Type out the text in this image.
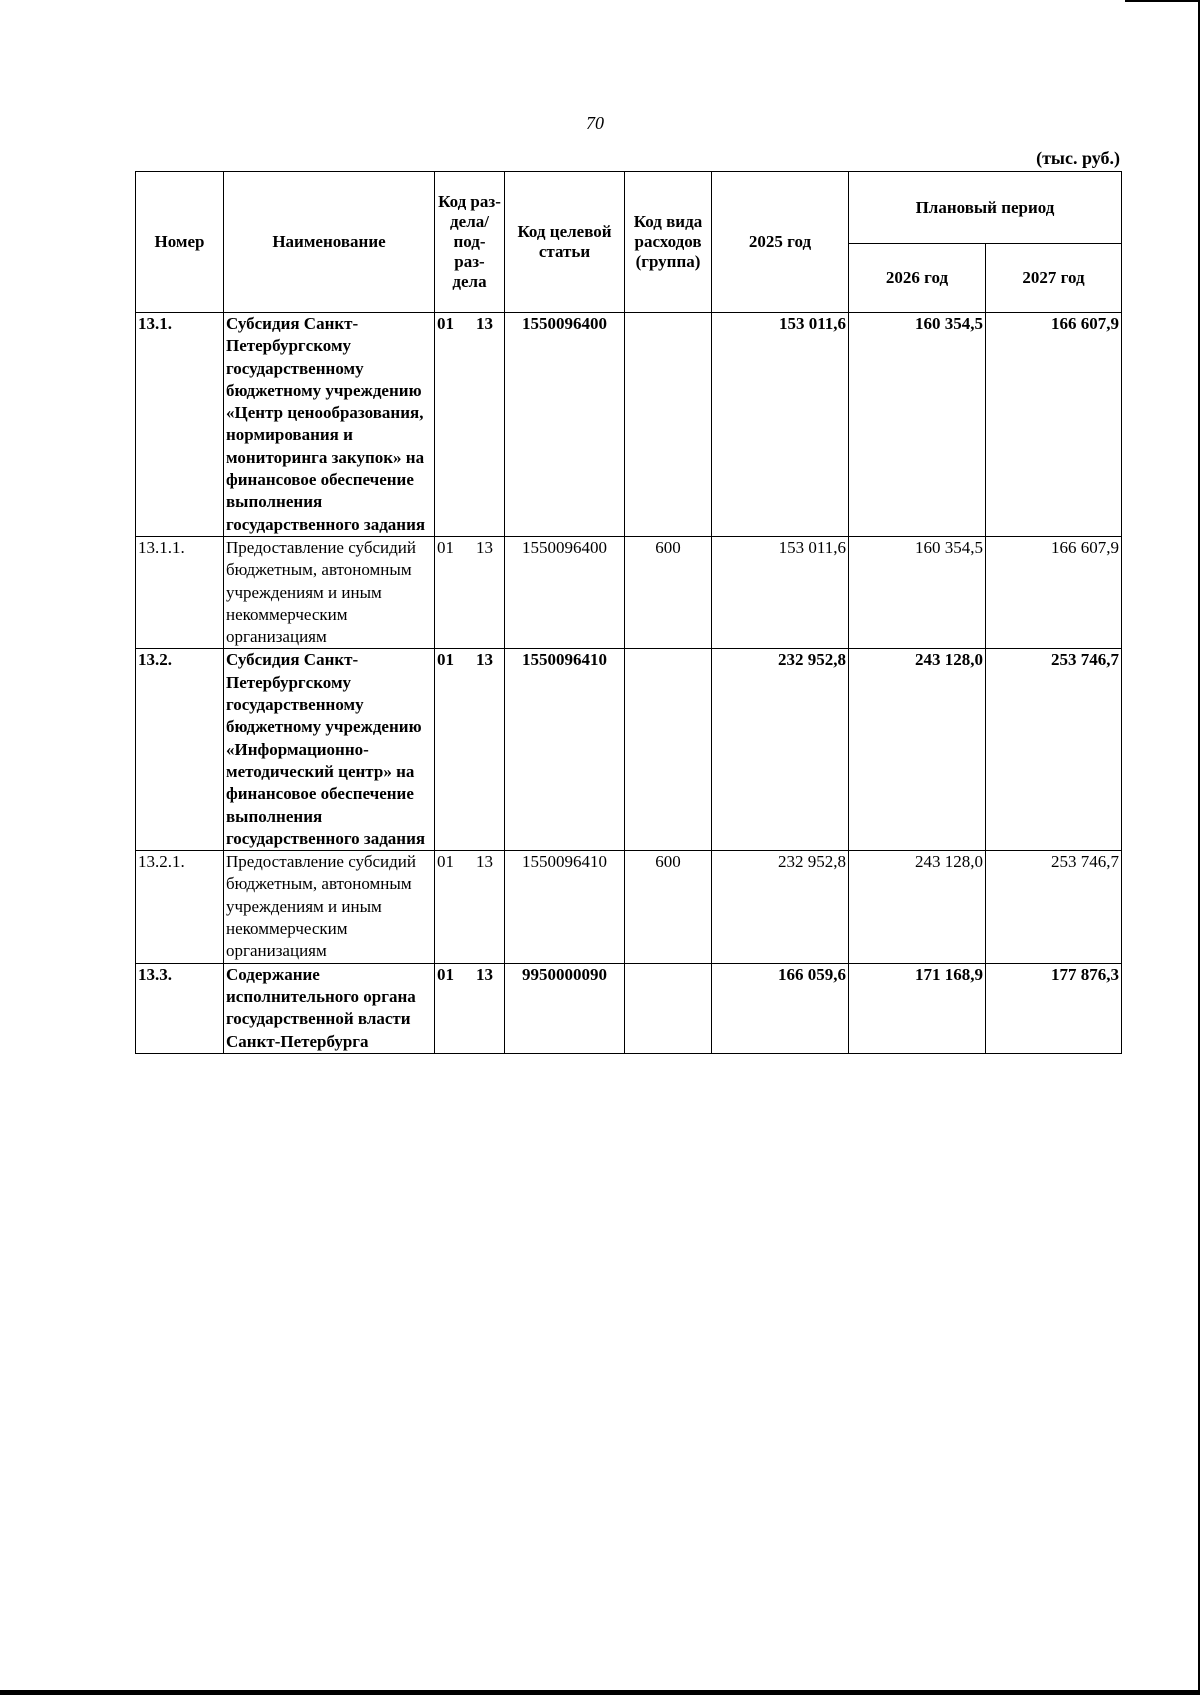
70
(тыс. руб.)
Номер	Наименование	Код раз- дела/ под- раз- дела	Код целевой статьи	Код вида расходов (группа)	2025 год	Плановый период	
						2026 год	2027 год
13.1.	Субсидия Санкт-Петербургскому государственному бюджетному учреждению «Центр ценообразования, нормирования и мониторинга закупок» на финансовое обеспечение выполнения государственного задания	01 13	1550096400		153 011,6	160 354,5	166 607,9
13.1.1.	Предоставление субсидий бюджетным, автономным учреждениям и иным некоммерческим организациям	01 13	1550096400	600	153 011,6	160 354,5	166 607,9
13.2.	Субсидия Санкт-Петербургскому государственному бюджетному учреждению «Информационно-методический центр» на финансовое обеспечение выполнения государственного задания	01 13	1550096410		232 952,8	243 128,0	253 746,7
13.2.1.	Предоставление субсидий бюджетным, автономным учреждениям и иным некоммерческим организациям	01 13	1550096410	600	232 952,8	243 128,0	253 746,7
13.3.	Содержание исполнительного органа государственной власти Санкт-Петербурга	01 13	9950000090		166 059,6	171 168,9	177 876,3
